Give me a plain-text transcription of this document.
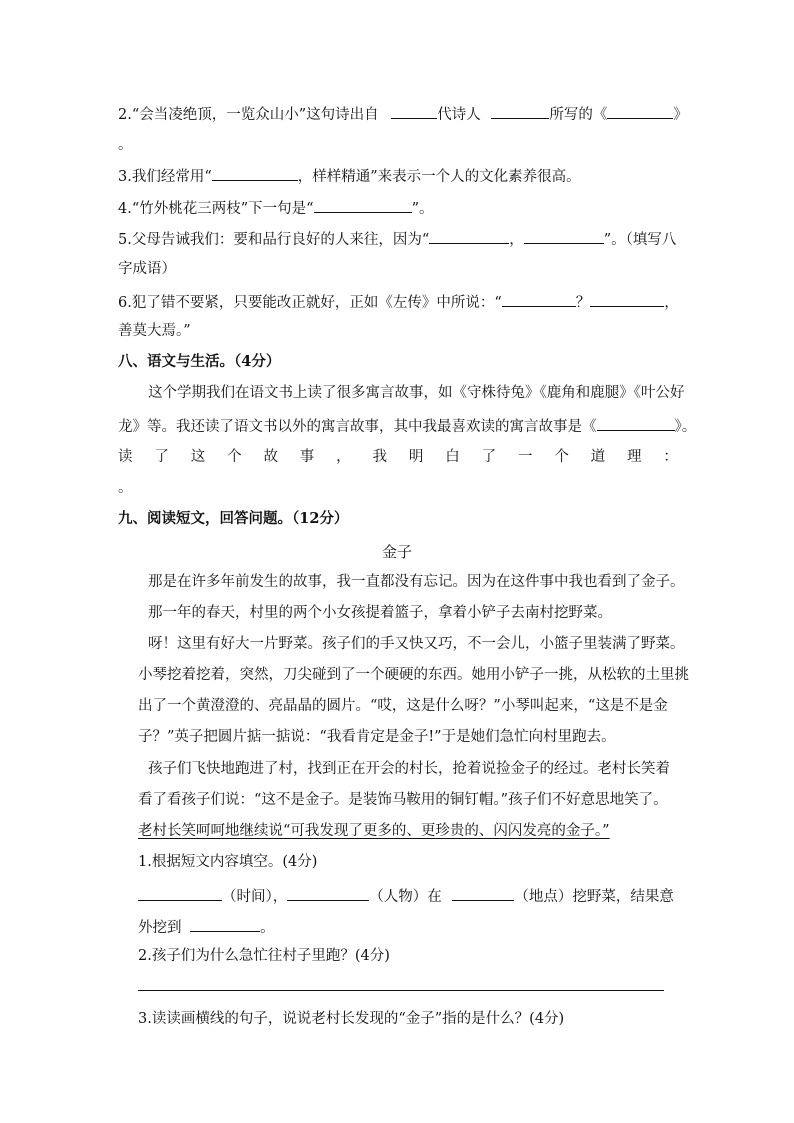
2.“会当凌绝顶，一览众山小”这句诗出自	代诗人	所写的《	》
。
3.我们经常用“	，样样精通”来表示一个人的文化素养很高。
4.“竹外桃花三两枝”下一句是“	”。
5.父母告诫我们：要和品行良好的人来往，因为“	，	”。（填写八
字成语）
6.犯了错不要紧，只要能改正就好，正如《左传》中所说：“	？	，
善莫大焉。”
八、语文与生活。（4分）
这个学期我们在语文书上读了很多寓言故事，如《守株待兔》《鹿角和鹿腿》《叶公好
龙》等。我还读了语文书以外的寓言故事，其中我最喜欢读的寓言故事是《	》。
读 了 这 个 故 事 ， 我 明 白 了 一 个 道 理 ：
。
九、阅读短文，回答问题。（12分）
金子
那是在许多年前发生的故事，我一直都没有忘记。因为在这件事中我也看到了金子。
那一年的春天，村里的两个小女孩提着篮子，拿着小铲子去南村挖野菜。
呀！这里有好大一片野菜。孩子们的手又快又巧，不一会儿，小篮子里装满了野菜。
小琴挖着挖着，突然，刀尖碰到了一个硬硬的东西。她用小铲子一挑，从松软的土里挑
出了一个黄澄澄的、亮晶晶的圆片。“哎，这是什么呀？”小琴叫起来，“这是不是金
子？”英子把圆片掂一掂说：“我看肯定是金子!”于是她们急忙向村里跑去。
孩子们飞快地跑进了村，找到正在开会的村长，抢着说捡金子的经过。老村长笑着
看了看孩子们说：“这不是金子。是装饰马鞍用的铜钉帽。”孩子们不好意思地笑了。
老村长笑呵呵地继续说“可我发现了更多的、更珍贵的、闪闪发亮的金子。”
1.根据短文内容填空。(4分)
（时间），	（人物）在	（地点）挖野菜，结果意
外挖到	。
2.孩子们为什么急忙往村子里跑？(4分)
3.读读画横线的句子，说说老村长发现的“金子”指的是什么？(4分)
